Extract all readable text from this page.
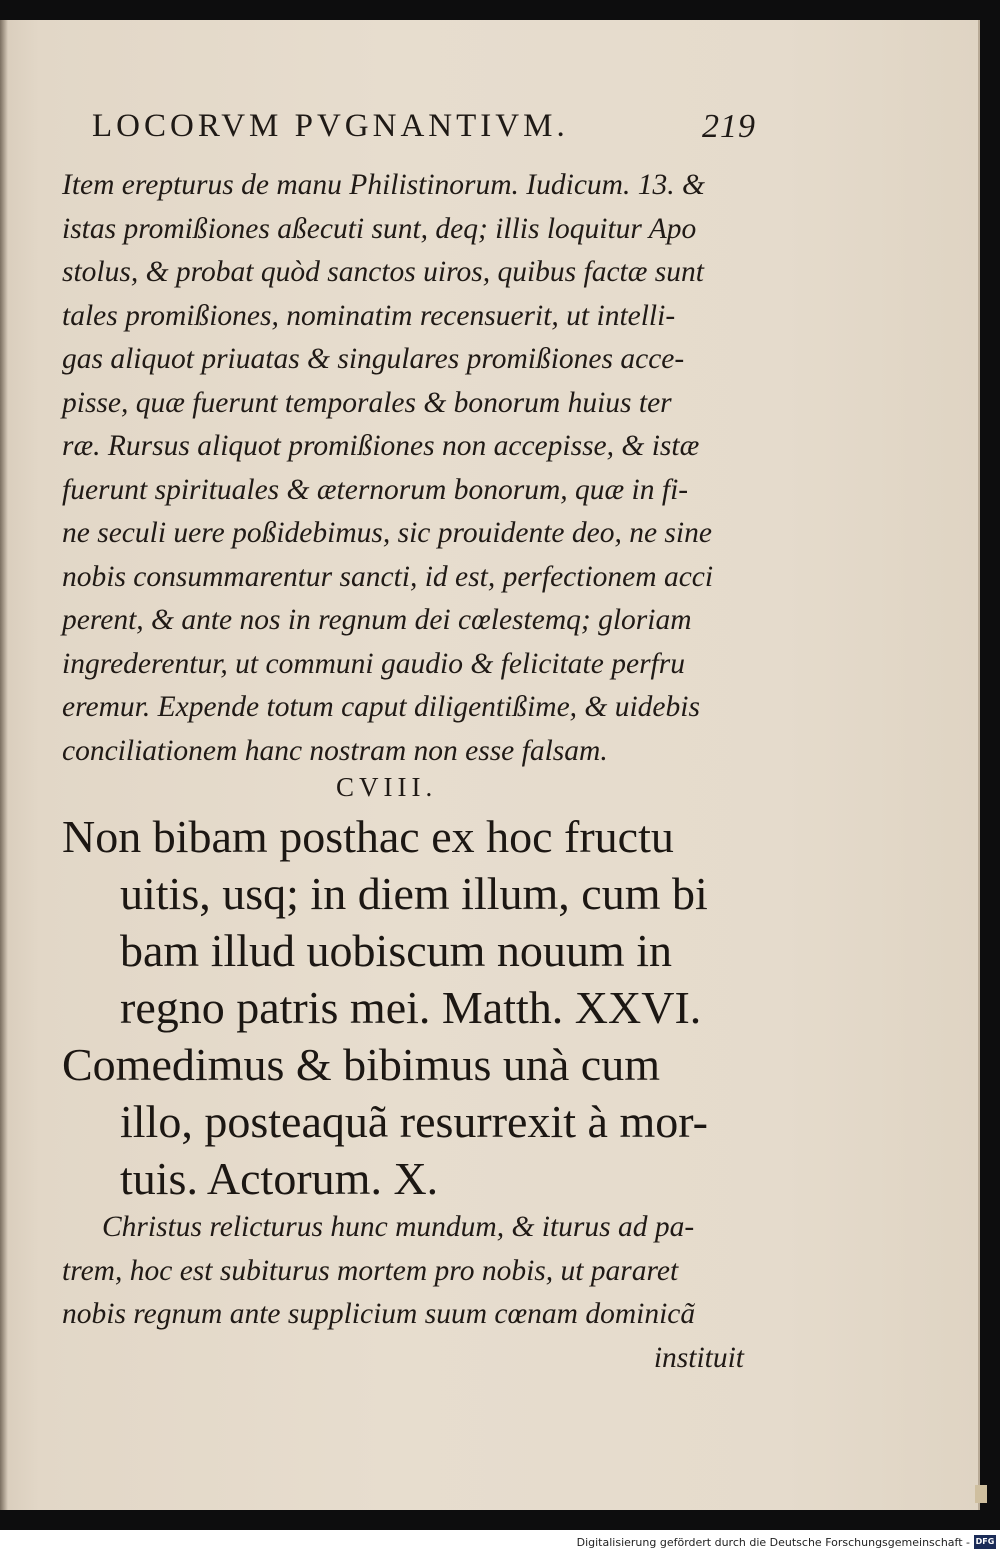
LOCORVM PVGNANTIVM.	219
Item erepturus de manu Philistinorum. Iudicum. 13. &
istas promißiones aßecuti sunt, deq; illis loquitur Apo
stolus, & probat quòd sanctos uiros, quibus factæ sunt
tales promißiones, nominatim recensuerit, ut intelli-
gas aliquot priuatas & singulares promißiones acce-
pisse, quæ fuerunt temporales & bonorum huius ter
ræ. Rursus aliquot promißiones non accepisse, & istæ
fuerunt spirituales & æternorum bonorum, quæ in fi-
ne seculi uere poßidebimus, sic prouidente deo, ne sine
nobis consummarentur sancti, id est, perfectionem acci
perent, & ante nos in regnum dei cœlestemq; gloriam
ingrederentur, ut communi gaudio & felicitate perfru
eremur. Expende totum caput diligentißime, & uidebis
conciliationem hanc nostram non esse falsam.
CVIII.
Non bibam posthac ex hoc fructu
uitis, usq; in diem illum, cum bi
bam illud uobiscum nouum in
regno patris mei. Matth. XXVI.
Comedimus & bibimus unà cum
illo, posteaquã resurrexit à mor-
tuis. Actorum. X.
Christus relicturus hunc mundum, & iturus ad pa-
trem, hoc est subiturus mortem pro nobis, ut pararet
nobis regnum ante supplicium suum cœnam dominicã
instituit
Digitalisierung gefördert durch die Deutsche Forschungsgemeinschaft - DFG
